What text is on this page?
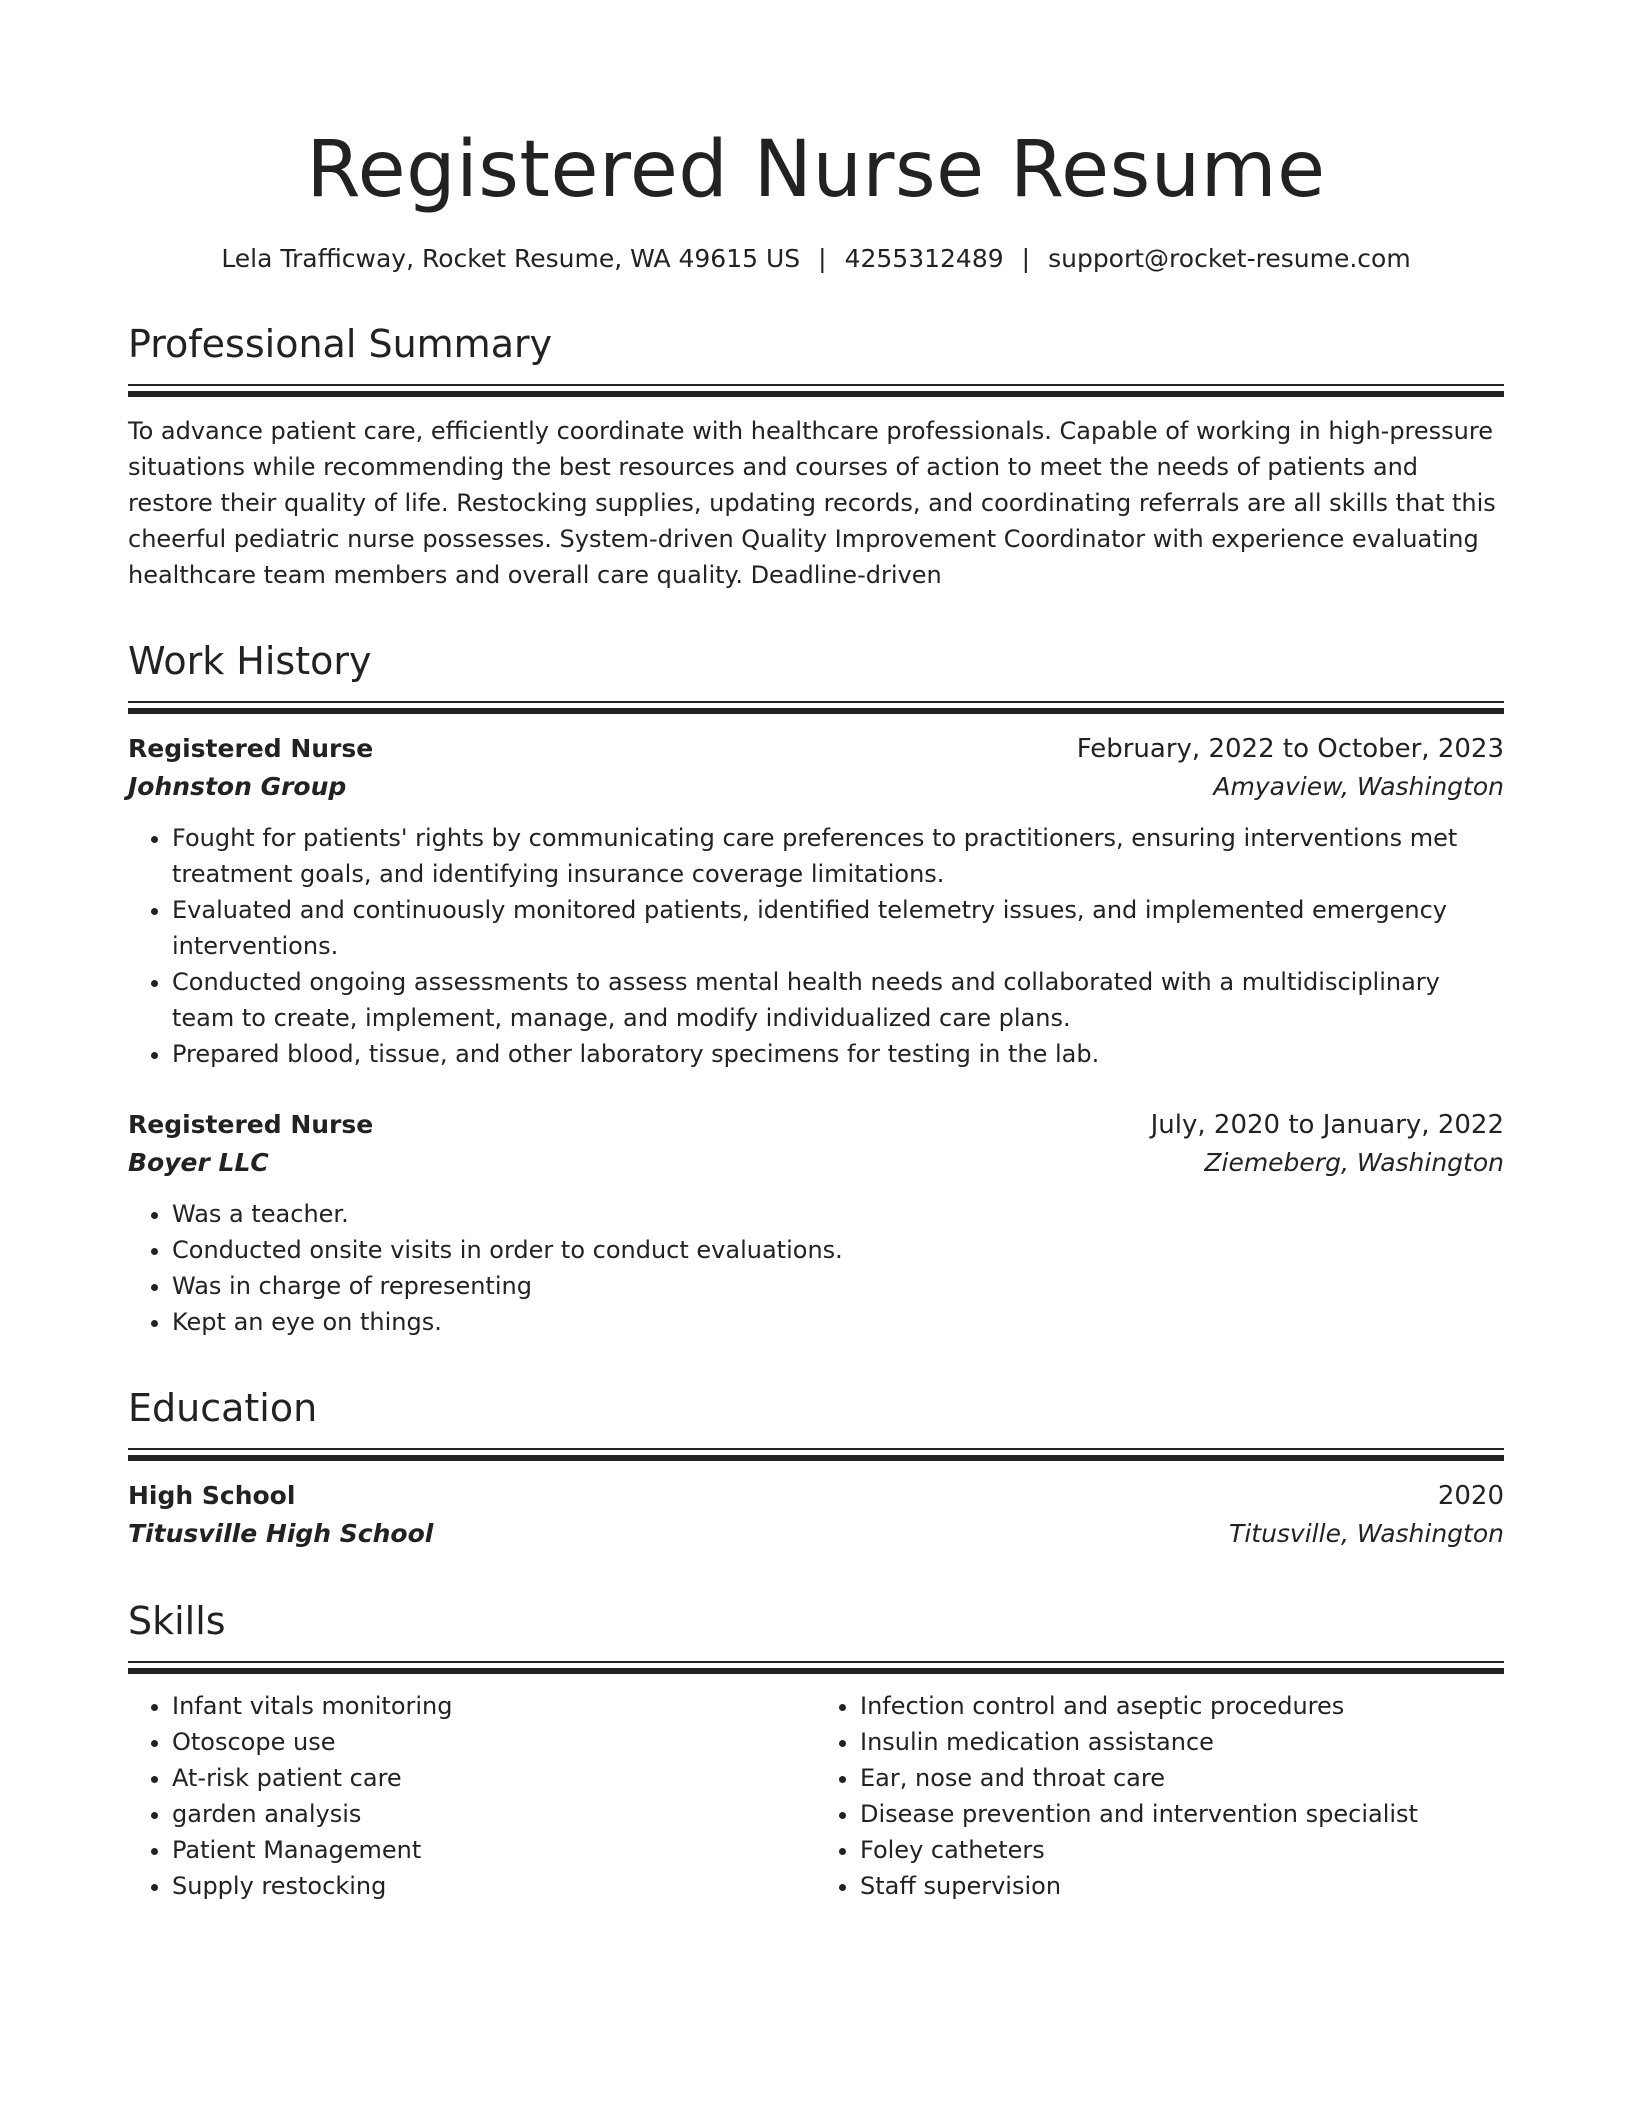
Registered Nurse Resume
Lela Trafficway, Rocket Resume, WA 49615 US | 4255312489 | support@rocket-resume.com
Professional Summary
To advance patient care, efficiently coordinate with healthcare professionals. Capable of working in high-pressure situations while recommending the best resources and courses of action to meet the needs of patients and restore their quality of life. Restocking supplies, updating records, and coordinating referrals are all skills that this cheerful pediatric nurse possesses. System-driven Quality Improvement Coordinator with experience evaluating healthcare team members and overall care quality. Deadline-driven
Work History
Registered Nurse	February, 2022 to October, 2023
Johnston Group	Amyaview, Washington
• Fought for patients' rights by communicating care preferences to practitioners, ensuring interventions met treatment goals, and identifying insurance coverage limitations.
• Evaluated and continuously monitored patients, identified telemetry issues, and implemented emergency interventions.
• Conducted ongoing assessments to assess mental health needs and collaborated with a multidisciplinary team to create, implement, manage, and modify individualized care plans.
• Prepared blood, tissue, and other laboratory specimens for testing in the lab.
Registered Nurse	July, 2020 to January, 2022
Boyer LLC	Ziemeberg, Washington
• Was a teacher.
• Conducted onsite visits in order to conduct evaluations.
• Was in charge of representing
• Kept an eye on things.
Education
High School	2020
Titusville High School	Titusville, Washington
Skills
• Infant vitals monitoring
• Otoscope use
• At-risk patient care
• garden analysis
• Patient Management
• Supply restocking
• Infection control and aseptic procedures
• Insulin medication assistance
• Ear, nose and throat care
• Disease prevention and intervention specialist
• Foley catheters
• Staff supervision
